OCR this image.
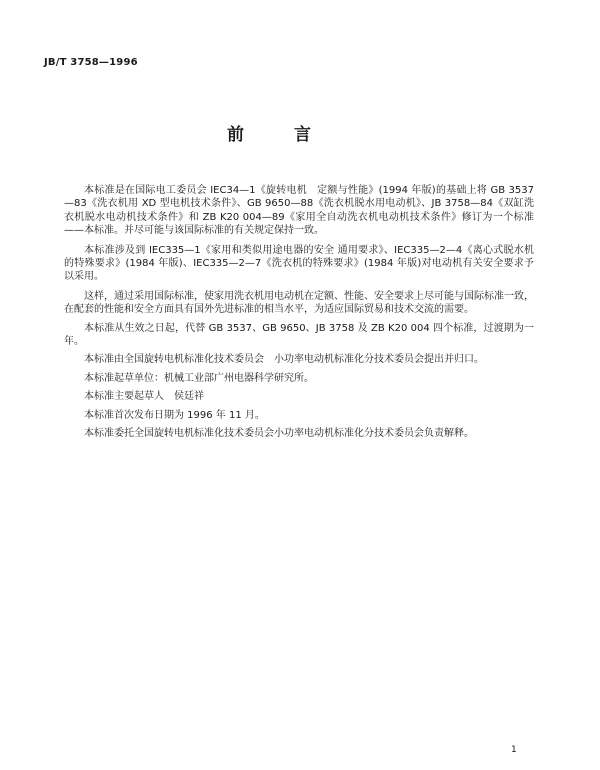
JB/T 3758—1996
前 言

本标准是在国际电工委员会 IEC34—1《旋转电机　定额与性能》(1994 年版)的基础上将 GB 3537—83《洗衣机用 XD 型电机技术条件》、GB 9650—88《洗衣机脱水用电动机》、JB 3758—84《双缸洗衣机脱水电动机技术条件》和 ZB K20 004—89《家用全自动洗衣机电动机技术条件》修订为一个标准——本标准。并尽可能与该国际标准的有关规定保持一致。

本标准涉及到 IEC335—1《家用和类似用途电器的安全 通用要求》、IEC335—2—4《离心式脱水机的特殊要求》(1984 年版)、IEC335—2—7《洗衣机的特殊要求》(1984 年版)对电动机有关安全要求予以采用。

这样，通过采用国际标准，使家用洗衣机用电动机在定额、性能、安全要求上尽可能与国际标准一致，在配套的性能和安全方面具有国外先进标准的相当水平，为适应国际贸易和技术交流的需要。

本标准从生效之日起，代替 GB 3537、GB 9650、JB 3758 及 ZB K20 004 四个标准，过渡期为一年。

本标准由全国旋转电机标准化技术委员会　小功率电动机标准化分技术委员会提出并归口。

本标准起草单位：机械工业部广州电器科学研究所。

本标准主要起草人　侯廷祥

本标准首次发布日期为 1996 年 11 月。

本标准委托全国旋转电机标准化技术委员会小功率电动机标准化分技术委员会负责解释。

1
